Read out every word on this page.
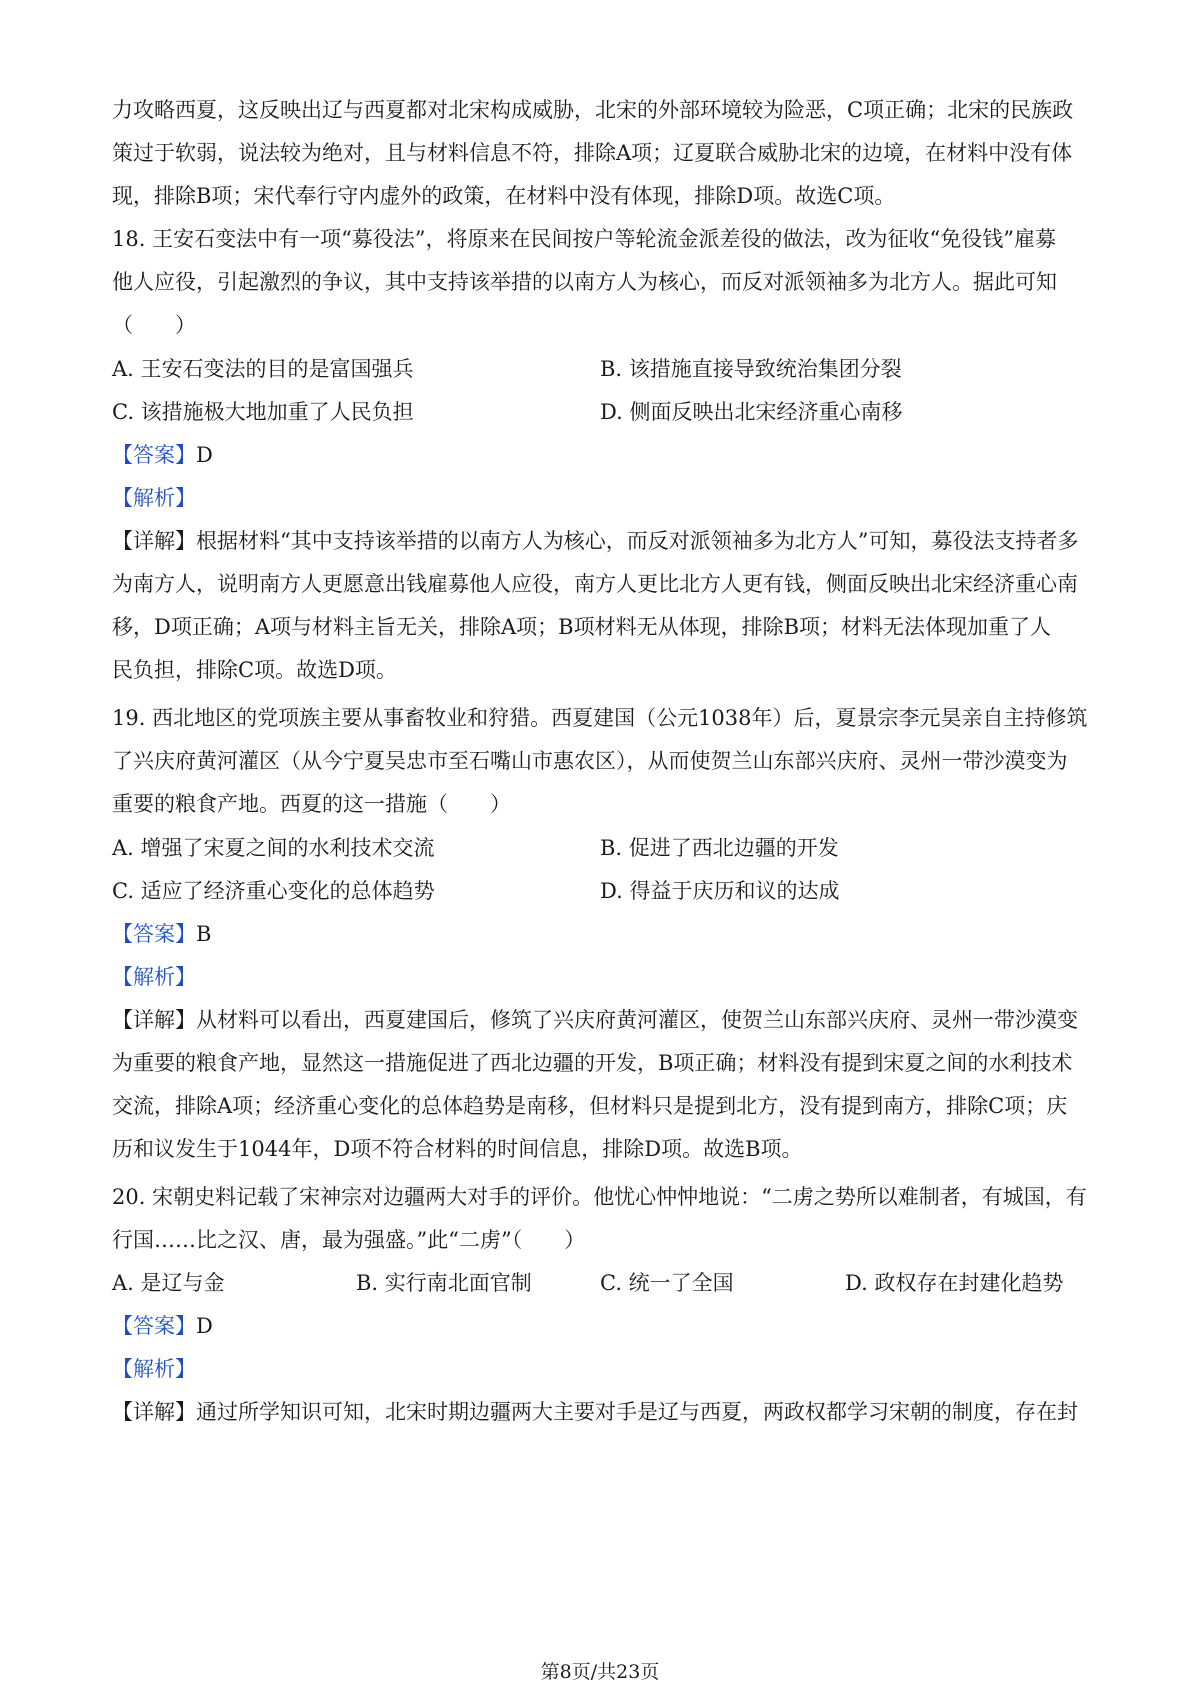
力攻略西夏，这反映出辽与西夏都对北宋构成威胁，北宋的外部环境较为险恶，C项正确；北宋的民族政
策过于软弱，说法较为绝对，且与材料信息不符，排除A项；辽夏联合威胁北宋的边境，在材料中没有体
现，排除B项；宋代奉行守内虚外的政策，在材料中没有体现，排除D项。故选C项。
18. 王安石变法中有一项“募役法”，将原来在民间按户等轮流金派差役的做法，改为征收“免役钱”雇募
他人应役，引起激烈的争议，其中支持该举措的以南方人为核心，而反对派领袖多为北方人。据此可知
（　　）
A. 王安石变法的目的是富国强兵	B. 该措施直接导致统治集团分裂
C. 该措施极大地加重了人民负担	D. 侧面反映出北宋经济重心南移
【答案】D
【解析】
【详解】根据材料“其中支持该举措的以南方人为核心，而反对派领袖多为北方人”可知，募役法支持者多
为南方人，说明南方人更愿意出钱雇募他人应役，南方人更比北方人更有钱，侧面反映出北宋经济重心南
移，D项正确；A项与材料主旨无关，排除A项；B项材料无从体现，排除B项；材料无法体现加重了人
民负担，排除C项。故选D项。
19. 西北地区的党项族主要从事畜牧业和狩猎。西夏建国（公元1038年）后，夏景宗李元昊亲自主持修筑
了兴庆府黄河灌区（从今宁夏吴忠市至石嘴山市惠农区），从而使贺兰山东部兴庆府、灵州一带沙漠变为
重要的粮食产地。西夏的这一措施（　　）
A. 增强了宋夏之间的水利技术交流	B. 促进了西北边疆的开发
C. 适应了经济重心变化的总体趋势	D. 得益于庆历和议的达成
【答案】B
【解析】
【详解】从材料可以看出，西夏建国后，修筑了兴庆府黄河灌区，使贺兰山东部兴庆府、灵州一带沙漠变
为重要的粮食产地，显然这一措施促进了西北边疆的开发，B项正确；材料没有提到宋夏之间的水利技术
交流，排除A项；经济重心变化的总体趋势是南移，但材料只是提到北方，没有提到南方，排除C项；庆
历和议发生于1044年，D项不符合材料的时间信息，排除D项。故选B项。
20. 宋朝史料记载了宋神宗对边疆两大对手的评价。他忧心忡忡地说：“二虏之势所以难制者，有城国，有
行国……比之汉、唐，最为强盛。”此“二虏”（　　）
A. 是辽与金	B. 实行南北面官制	C. 统一了全国	D. 政权存在封建化趋势
【答案】D
【解析】
【详解】通过所学知识可知，北宋时期边疆两大主要对手是辽与西夏，两政权都学习宋朝的制度，存在封
第8页/共23页
